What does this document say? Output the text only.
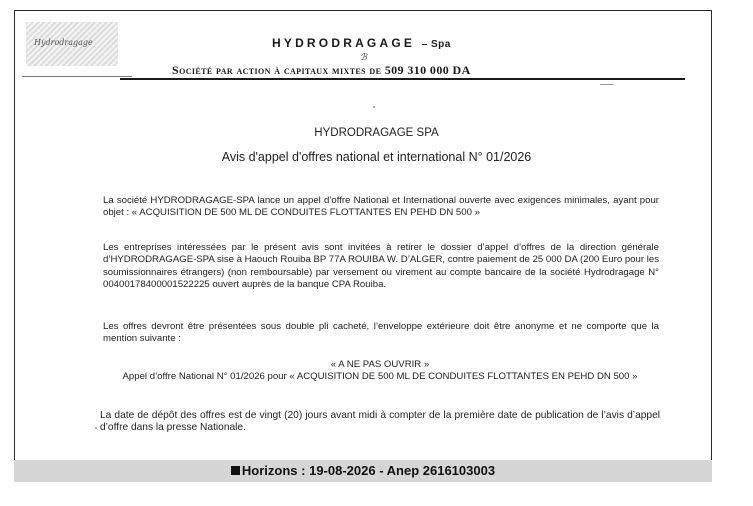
Hydrodragage	HYDRODRAGAGE – Spa
ℬ
Société par action à capitaux mixtes de 509 310 000 DA
HYDRODRAGAGE SPA
Avis d'appel d'offres national et international N° 01/2026
La société HYDRODRAGAGE-SPA lance un appel d’offre National et International ouverte avec exigences minimales, ayant pour objet : « ACQUISITION DE 500 ML DE CONDUITES FLOTTANTES EN PEHD DN 500 »
Les entreprises intéressées par le présent avis sont invitées à retirer le dossier d’appel d’offres de la direction générale d’HYDRODRAGAGE-SPA sise à Haouch Rouiba BP 77A ROUIBA W. D’ALGER, contre paiement de 25 000 DA (200 Euro pour les soumissionnaires étrangers) (non remboursable) par versement ou virement au compte bancaire de la société Hydrodragage N° 00400178400001522225 ouvert auprès de la banque CPA Rouiba.
Les offres devront être présentées sous double pli cacheté, l’enveloppe extérieure doit être anonyme et ne comporte que la mention suivante :
« A NE PAS OUVRIR »
Appel d’offre National N° 01/2026 pour « ACQUISITION DE 500 ML DE CONDUITES FLOTTANTES EN PEHD DN 500 »
La date de dépôt des offres est de vingt (20) jours avant midi à compter de la première date de publication de l’avis d’appel d’offre dans la presse Nationale.
Horizons : 19-08-2026 - Anep 2616103003
